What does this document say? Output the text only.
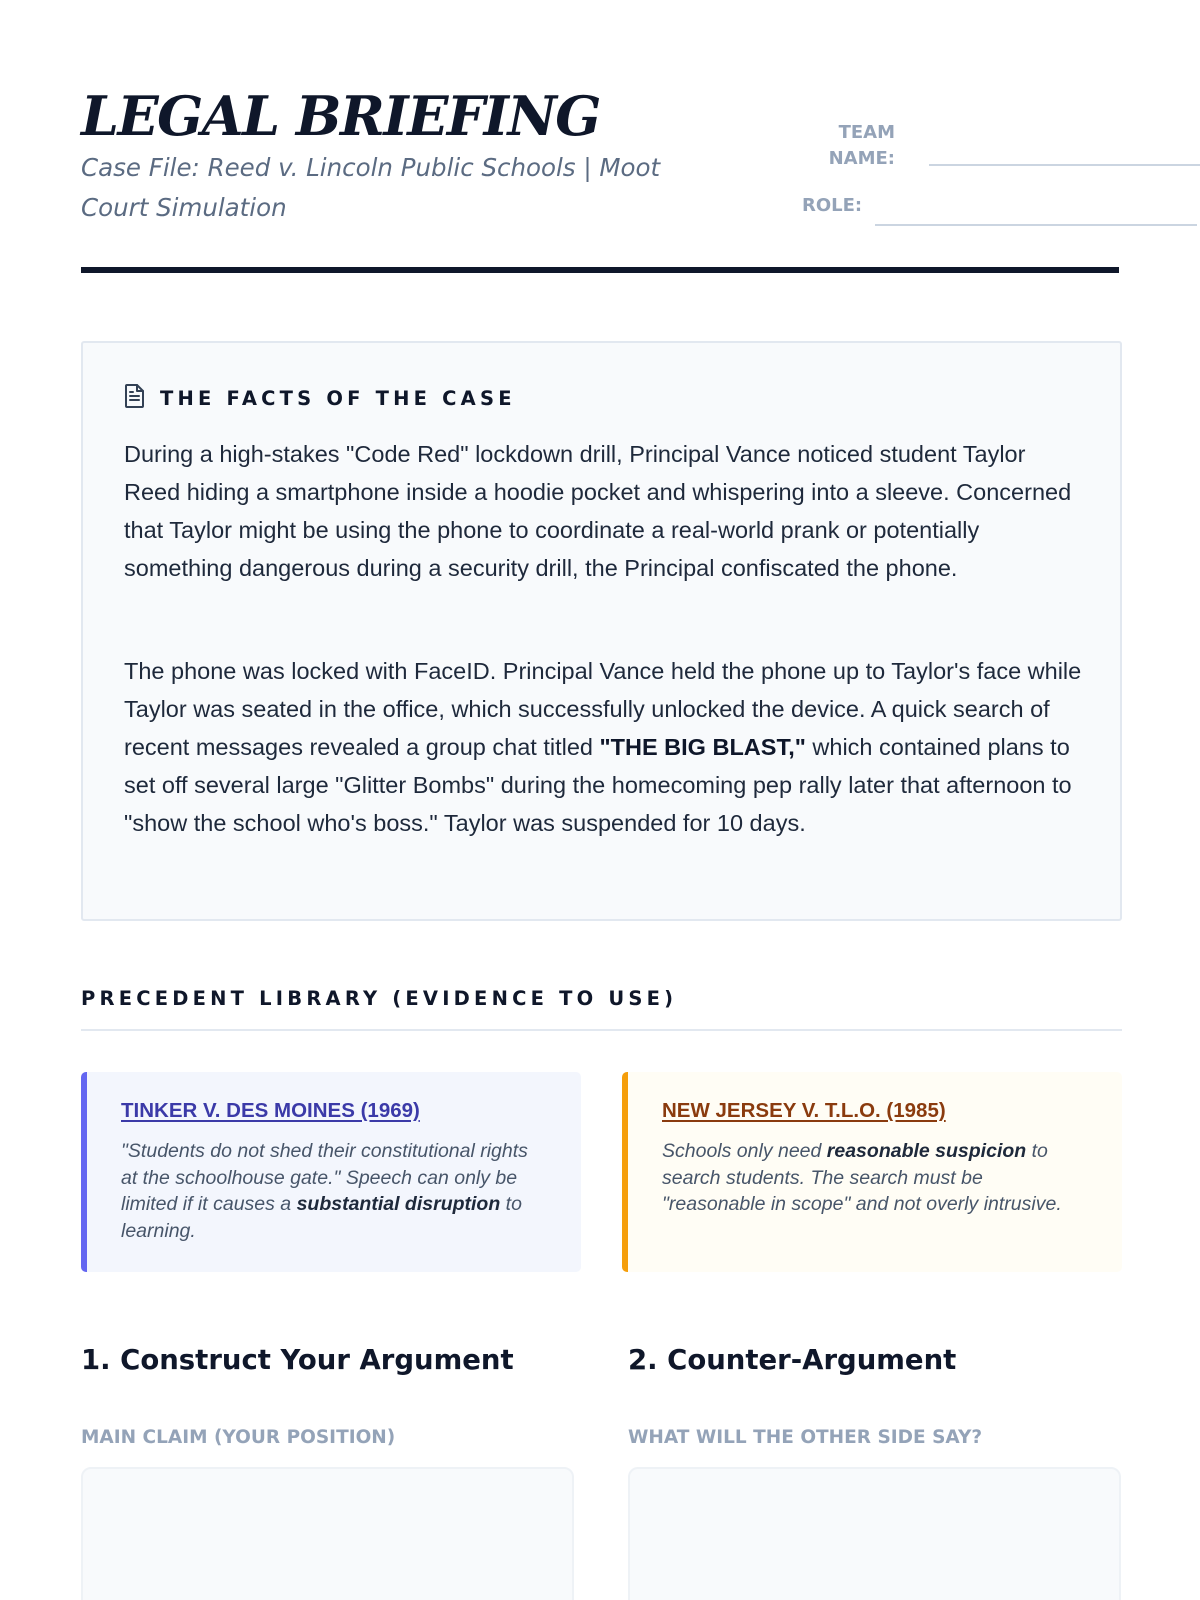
LEGAL BRIEFING
Case File: Reed v. Lincoln Public Schools | Moot Court Simulation
TEAM
NAME:
ROLE:
THE FACTS OF THE CASE

During a high-stakes "Code Red" lockdown drill, Principal Vance noticed student Taylor Reed hiding a smartphone inside a hoodie pocket and whispering into a sleeve. Concerned that Taylor might be using the phone to coordinate a real-world prank or potentially something dangerous during a security drill, the Principal confiscated the phone.

The phone was locked with FaceID. Principal Vance held the phone up to Taylor's face while Taylor was seated in the office, which successfully unlocked the device. A quick search of recent messages revealed a group chat titled "THE BIG BLAST," which contained plans to set off several large "Glitter Bombs" during the homecoming pep rally later that afternoon to "show the school who's boss." Taylor was suspended for 10 days.

PRECEDENT LIBRARY (EVIDENCE TO USE)
TINKER V. DES MOINES (1969)

"Students do not shed their constitutional rights at the schoolhouse gate." Speech can only be limited if it causes a substantial disruption to learning.

NEW JERSEY V. T.L.O. (1985)

Schools only need reasonable suspicion to search students. The search must be "reasonable in scope" and not overly intrusive.

1. Construct Your Argument
MAIN CLAIM (YOUR POSITION)
2. Counter-Argument
WHAT WILL THE OTHER SIDE SAY?
